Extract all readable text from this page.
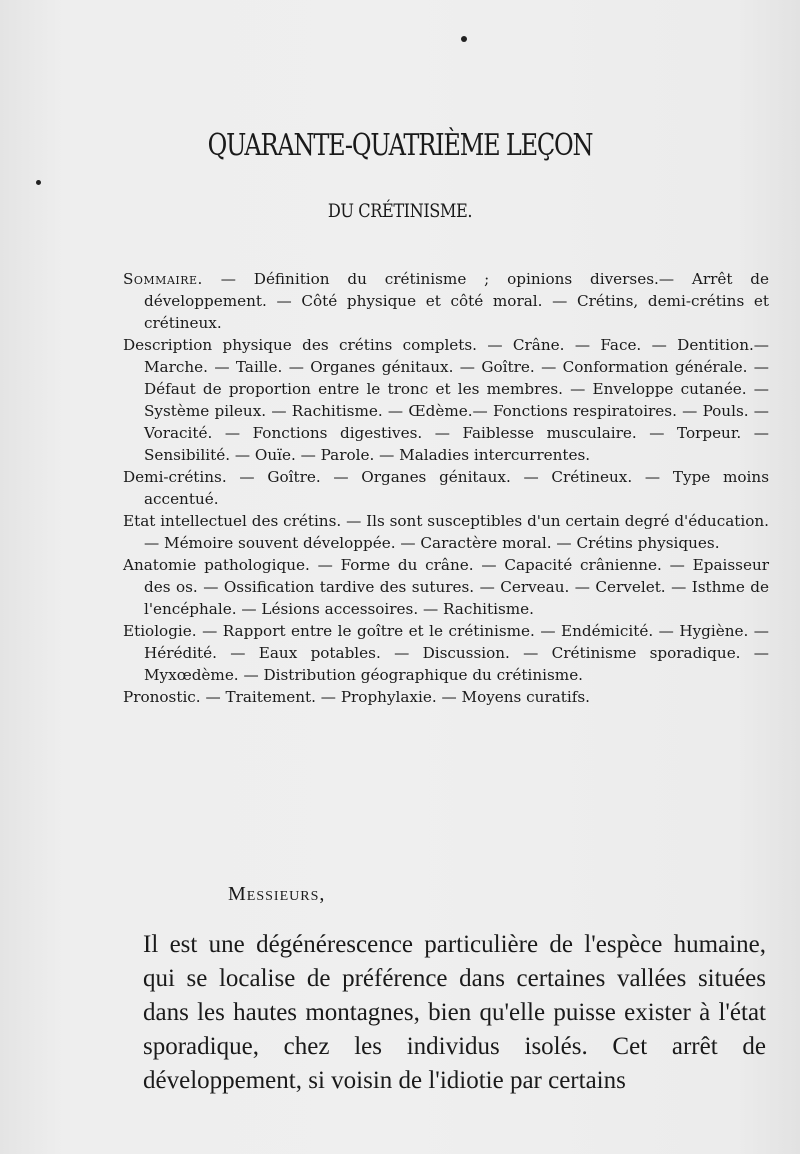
QUARANTE-QUATRIÈME LEÇON
DU CRÉTINISME.

Sommaire. — Définition du crétinisme ; opinions diverses.— Arrêt de développement. — Côté physique et côté moral. — Crétins, demi-crétins et crétineux.

Description physique des crétins complets. — Crâne. — Face. — Dentition.— Marche. — Taille. — Organes génitaux. — Goître. — Conformation générale. — Défaut de proportion entre le tronc et les membres. — Enveloppe cutanée. — Système pileux. — Rachitisme. — Œdème.— Fonctions respiratoires. — Pouls. — Voracité. — Fonctions digestives. — Faiblesse musculaire. — Torpeur. — Sensibilité. — Ouïe. — Parole. — Maladies intercurrentes.

Demi-crétins. — Goître. — Organes génitaux. — Crétineux. — Type moins accentué.

Etat intellectuel des crétins. — Ils sont susceptibles d'un certain degré d'éducation. — Mémoire souvent développée. — Caractère moral. — Crétins physiques.

Anatomie pathologique. — Forme du crâne. — Capacité crânienne. — Epaisseur des os. — Ossification tardive des sutures. — Cerveau. — Cervelet. — Isthme de l'encéphale. — Lésions accessoires. — Rachitisme.

Etiologie. — Rapport entre le goître et le crétinisme. — Endémicité. — Hygiène. — Hérédité. — Eaux potables. — Discussion. — Crétinisme sporadique. — Myxœdème. — Distribution géographique du crétinisme.

Pronostic. — Traitement. — Prophylaxie. — Moyens curatifs.

Messieurs,
Il est une dégénérescence particulière de l'espèce humaine, qui se localise de préférence dans certaines vallées situées dans les hautes montagnes, bien qu'elle puisse exister à l'état sporadique, chez les individus isolés. Cet arrêt de développement, si voisin de l'idiotie par certains
